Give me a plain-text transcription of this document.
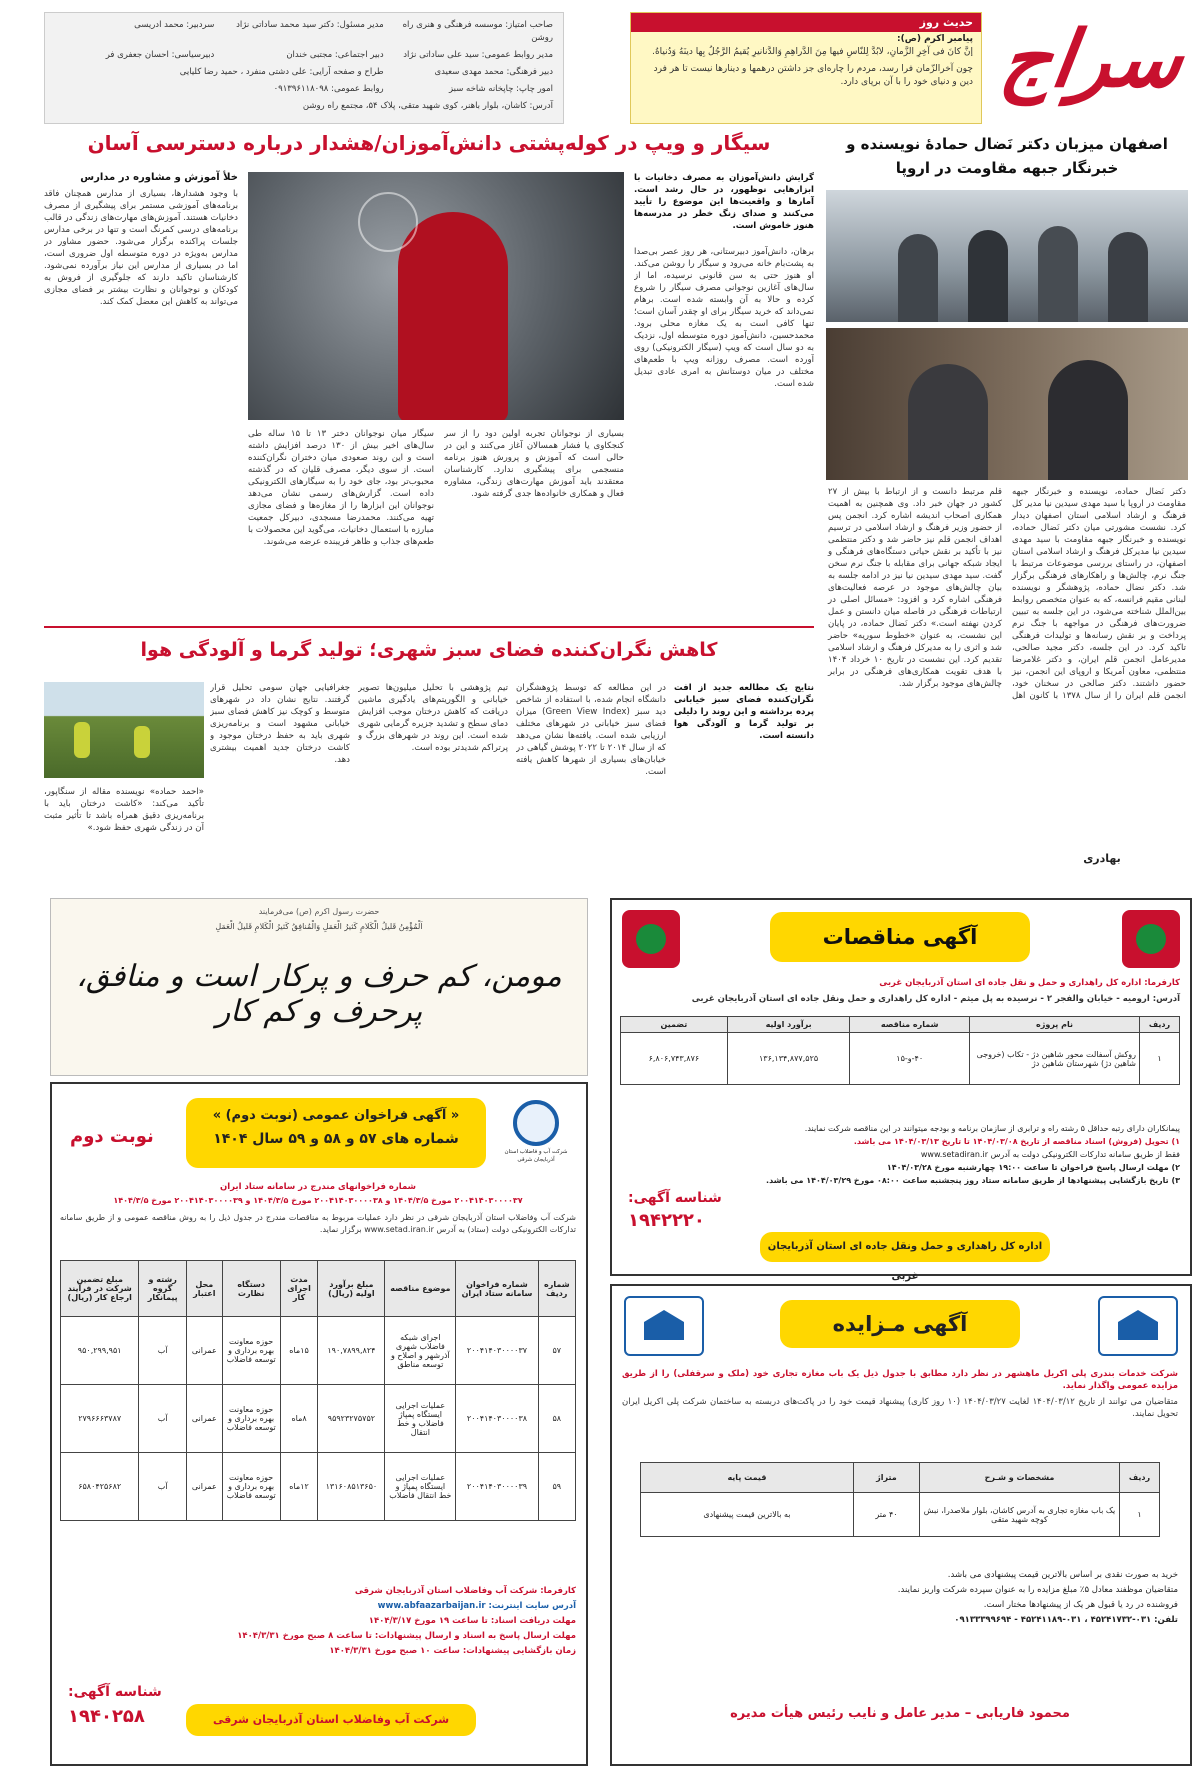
سراج
حدیث روز
پیامبر اکرم (ص):
إنَّ کانَ فی آخِرِ الزَّمانِ، لابُدَّ لِلنّاسِ فیها مِنَ الدَّراهِمِ وَالدَّنانیرِ یُقیمُ الرَّجُلُ بِها دینَهُ وَدُنیاهُ.
چون آخرالزّمان فرا رسد، مردم را چاره‌ای جز داشتن درهمها و دینارها نیست تا هر فرد دین و دنیای خود را با آن برپای دارد.
صاحب امتیاز: موسسه فرهنگی و هنری راه روشن
مدیر مسئول: دکتر سید محمد ساداتی نژاد
سردبیر: محمد ادریسی
مدیر روابط عمومی: سید علی ساداتی نژاد
دبیر اجتماعی: مجتبی خندان
دبیرسیاسی: احسان جعفری فر
دبیر فرهنگی: محمد مهدی سعیدی
طراح و صفحه آرایی: علی دشتی منفرد ، حمید رضا کلیایی
امور چاپ: چاپخانه شاخه سبز
روابط عمومی: ۰۹۱۳۹۶۱۱۸۰۹۸
آدرس: کاشان، بلوار باهنر، کوی شهید متقی، پلاک ۵۴، مجتمع راه روشن
اصفهان میزبان دکتر نَضال حمادهٔ نویسنده و خبرنگار جبهه مقاومت در اروپا
دکتر نَضال حماده، نویسنده و خبرنگار جبهه مقاومت در اروپا با سید مهدی سیدین نیا مدیر کل فرهنگ و ارشاد اسلامی استان اصفهان دیدار کرد. نشست مشورتی میان دکتر نَضال حماده، نویسنده و خبرنگار جبهه مقاومت با سید مهدی سیدین نیا مدیرکل فرهنگ و ارشاد اسلامی استان اصفهان، در راستای بررسی موضوعات مرتبط با جنگ نرم، چالش‌ها و راهکارهای فرهنگی برگزار شد. دکتر نضال حماده، پژوهشگر و نویسنده لبنانی مقیم فرانسه، که به عنوان متخصص روابط بین‌الملل شناخته می‌شود، در این جلسه به تبیین ضرورت‌های فرهنگی در مواجهه با جنگ نرم پرداخت و بر نقش رسانه‌ها و تولیدات فرهنگی تاکید کرد. در این جلسه، دکتر مجید صالحی، مدیرعامل انجمن قلم ایران، و دکتر غلامرضا منتظمی، معاون آمریکا و اروپای این انجمن، نیز حضور داشتند. دکتر صالحی در سخنان خود، انجمن قلم ایران را از سال ۱۳۷۸ با کانون اهل قلم مرتبط دانست و از ارتباط با بیش از ۲۷ کشور در جهان خبر داد. وی همچنین به اهمیت همکاری اصحاب اندیشه اشاره کرد. انجمن پس از حضور وزیر فرهنگ و ارشاد اسلامی در ترسیم اهداف انجمن قلم نیز حاضر شد و دکتر منتظمی نیز با تأکید بر نقش حیاتی دستگاه‌های فرهنگی و ایجاد شبکه جهانی برای مقابله با جنگ نرم سخن گفت. سید مهدی سیدین نیا نیز در ادامه جلسه به بیان چالش‌های موجود در عرصه فعالیت‌های فرهنگی اشاره کرد و افزود: «مسائل اصلی در ارتباطات فرهنگی در فاصله میان دانستن و عمل کردن نهفته است.» دکتر نَضال حماده، در پایان این نشست، به عنوان «خطوط سوریه» حاضر شد و اثری را به مدیرکل فرهنگ و ارشاد اسلامی تقدیم کرد. این نشست در تاریخ ۱۰ خرداد ۱۴۰۴ با هدف تقویت همکاری‌های فرهنگی در برابر چالش‌های موجود برگزار شد.
بهادری
سیگار و ویپ در کوله‌پشتی دانش‌آموزان/هشدار درباره دسترسی آسان
گرایش دانش‌آموزان به مصرف دخانیات با ابزارهایی نوظهور، در حال رشد است. آمارها و واقعیت‌ها این موضوع را تأیید می‌کنند و صدای زنگ خطر در مدرسه‌ها هنوز خاموش است.
برهان، دانش‌آموز دبیرستانی، هر روز عصر بی‌صدا به پشت‌بام خانه می‌رود و سیگار را روشن می‌کند. او هنوز حتی به سن قانونی نرسیده، اما از سال‌های آغازین نوجوانی مصرف سیگار را شروع کرده و حالا به آن وابسته شده است. برهام نمی‌داند که خرید سیگار برای او چقدر آسان است؛ تنها کافی است به یک مغازه محلی برود. محمدحسین، دانش‌آموز دوره متوسطه اول، نزدیک به دو سال است که ویپ (سیگار الکترونیکی) روی آورده است. مصرف روزانه ویپ با طعم‌های مختلف در میان دوستانش به امری عادی تبدیل شده است.
سیگار میان نوجوانان دختر ۱۳ تا ۱۵ ساله طی سال‌های اخیر بیش از ۱۳۰ درصد افزایش داشته است و این روند صعودی میان دختران نگران‌کننده است. از سوی دیگر، مصرف قلیان که در گذشته محبوب‌تر بود، جای خود را به سیگارهای الکترونیکی داده است. گزارش‌های رسمی نشان می‌دهد نوجوانان این ابزارها را از مغازه‌ها و فضای مجازی تهیه می‌کنند. محمدرضا مسجدی، دبیرکل جمعیت مبارزه با استعمال دخانیات، می‌گوید این محصولات با طعم‌های جذاب و ظاهر فریبنده عرضه می‌شوند.
بسیاری از نوجوانان تجربه اولین دود را از سر کنجکاوی یا فشار همسالان آغاز می‌کنند و این در حالی است که آموزش و پرورش هنوز برنامه منسجمی برای پیشگیری ندارد. کارشناسان معتقدند باید آموزش مهارت‌های زندگی، مشاوره فعال و همکاری خانواده‌ها جدی گرفته شود.
خلأ آموزش و مشاوره در مدارس
با وجود هشدارها، بسیاری از مدارس همچنان فاقد برنامه‌های آموزشی مستمر برای پیشگیری از مصرف دخانیات هستند. آموزش‌های مهارت‌های زندگی در قالب برنامه‌های درسی کمرنگ است و تنها در برخی مدارس جلسات پراکنده برگزار می‌شود. حضور مشاور در مدارس به‌ویژه در دوره متوسطه اول ضروری است، اما در بسیاری از مدارس این نیاز برآورده نمی‌شود. کارشناسان تاکید دارند که جلوگیری از فروش به کودکان و نوجوانان و نظارت بیشتر بر فضای مجازی می‌تواند به کاهش این معضل کمک کند.
کاهش نگران‌کننده فضای سبز شهری؛ تولید گرما و آلودگی هوا
نتایج یک مطالعه جدید از افت نگران‌کننده فضای سبز خیابانی پرده برداشته و این روند را دلیلی بر تولید گرما و آلودگی هوا دانسته است.
در این مطالعه که توسط پژوهشگران دانشگاه انجام شده، با استفاده از شاخص دید سبز (Green View Index) میزان فضای سبز خیابانی در شهرهای مختلف ارزیابی شده است. یافته‌ها نشان می‌دهد که از سال ۲۰۱۴ تا ۲۰۲۲ پوشش گیاهی در خیابان‌های بسیاری از شهرها کاهش یافته است.
تیم پژوهشی با تحلیل میلیون‌ها تصویر خیابانی و الگوریتم‌های یادگیری ماشین دریافت که کاهش درختان موجب افزایش دمای سطح و تشدید جزیره گرمایی شهری شده است. این روند در شهرهای بزرگ و پرتراکم شدیدتر بوده است.
جغرافیایی جهان سومی تحلیل قرار گرفتند. نتایج نشان داد در شهرهای متوسط و کوچک نیز کاهش فضای سبز خیابانی مشهود است و برنامه‌ریزی شهری باید به حفظ درختان موجود و کاشت درختان جدید اهمیت بیشتری دهد.
«احمد حماده» نویسنده مقاله از سنگاپور، تأکید می‌کند: «کاشت درختان باید با برنامه‌ریزی دقیق همراه باشد تا تأثیر مثبت آن در زندگی شهری حفظ شود.»
حضرت رسول اکرم (ص) می‌فرمایند
اَلْمُؤْمِنُ قَلیلُ الْکَلامِ کَثیرُ الْعَمَلِ وَالْمُنافِقُ کَثیرُ الْکَلامِ قَلیلُ الْعَمَلِ
مومن، کم حرف و پرکار است و منافق، پرحرف و کم کار
آگهی مناقصات
کارفرما: اداره کل راهداری و حمل و نقل جاده ای استان آذربایجان غربی
آدرس: ارومیه - خیابان والفجر ۲ - نرسیده به پل میثم - اداره کل راهداری و حمل ونقل جاده ای استان آذربایجان غربی
ردیف	نام پروژه	شماره مناقصه	برآورد اولیه	تضمین
۱	روکش آسفالت محور شاهین دژ - تکاب (خروجی شاهین دژ) شهرستان شاهین دژ	۴۰-و-۱۵	۱۳۶,۱۳۴,۸۷۷,۵۲۵	۶,۸۰۶,۷۴۳,۸۷۶
پیمانکاران دارای رتبه حداقل ۵ رشته راه و ترابری از سازمان برنامه و بودجه میتوانند در این مناقصه شرکت نمایند.
۱) تحویل (فروش) اسناد مناقصه از تاریخ ۱۴۰۴/۰۳/۰۸ تا تاریخ ۱۴۰۴/۰۳/۱۳ می باشد.
فقط از طریق سامانه تدارکات الکترونیکی دولت به آدرس www.setadiran.ir
۲) مهلت ارسال پاسخ فراخوان تا ساعت ۱۹:۰۰ چهارشنبه مورخ ۱۴۰۴/۰۳/۲۸
۳) تاریخ بازگشایی پیشنهادها از طریق سامانه ستاد روز پنجشنبه ساعت ۰۸:۰۰ مورخ ۱۴۰۴/۰۳/۲۹ می باشد.
شناسه آگهی:
۱۹۴۲۲۲۰
اداره کل راهداری و حمل ونقل جاده ای استان آذربایجان غربی
« آگهی فراخوان عمومی (نوبت دوم) »
شماره های ۵۷ و ۵۸ و ۵۹ سال ۱۴۰۴
شرکت آب و فاضلاب استان آذربایجان شرقی
نوبت دوم
شماره فراخوانهای مندرج در سامانه ستاد ایران
۲۰۰۴۱۴۰۳۰۰۰۰۳۷ مورخ ۱۴۰۴/۳/۵ و ۲۰۰۴۱۴۰۳۰۰۰۰۳۸ مورخ ۱۴۰۴/۳/۵ و ۲۰۰۴۱۴۰۳۰۰۰۰۳۹ مورخ ۱۴۰۴/۳/۵
شرکت آب وفاضلاب استان آذربایجان شرقی در نظر دارد عملیات مربوط به مناقصات مندرج در جدول ذیل را به روش مناقصه عمومی و از طریق سامانه تدارکات الکترونیکی دولت (ستاد) به آدرس www.setad.iran.ir برگزار نماید.
شماره ردیف	شماره فراخوان سامانه ستاد ایران	موضوع مناقصه	مبلغ برآورد اولیه (ریال)	مدت اجرای کار	دستگاه نظارت	محل اعتبار	رشته و گروه پیمانکار	مبلغ تضمین شرکت در فرآیند ارجاع کار (ریال)
۵۷	۲۰۰۴۱۴۰۳۰۰۰۰۳۷	اجرای شبکه فاضلاب شهری آذرشهر و اصلاح و توسعه مناطق	۱۹۰,۷۸۹۹,۸۲۴	۱۵ماه	حوزه معاونت بهره برداری و توسعه فاضلاب	عمرانی	آب	۹۵۰,۲۹۹,۹۵۱
۵۸	۲۰۰۴۱۴۰۳۰۰۰۰۳۸	عملیات اجرایی ایستگاه پمپاژ فاضلاب و خط انتقال	۹۵۹۲۳۲۷۵۷۵۲	۸ماه	حوزه معاونت بهره برداری و توسعه فاضلاب	عمرانی	آب	۲۷۹۶۶۶۳۷۸۷
۵۹	۲۰۰۴۱۴۰۳۰۰۰۰۳۹	عملیات اجرایی ایستگاه پمپاژ و خط انتقال فاضلاب	۱۳۱۶۰۸۵۱۳۶۵۰	۱۲ماه	حوزه معاونت بهره برداری و توسعه فاضلاب	عمرانی	آب	۶۵۸۰۴۲۵۶۸۲
کارفرما: شرکت آب وفاضلاب استان آذربایجان شرقی
آدرس سایت اینترنت: www.abfaazarbaijan.ir
مهلت دریافت اسناد: تا ساعت ۱۹ مورخ ۱۴۰۴/۳/۱۷
مهلت ارسال پاسخ به اسناد و ارسال پیشنهادات: تا ساعت ۸ صبح مورخ ۱۴۰۴/۳/۳۱
زمان بازگشایی پیشنهادات: ساعت ۱۰ صبح مورخ ۱۴۰۴/۳/۳۱
شناسه آگهی:
۱۹۴۰۲۵۸	شرکت آب وفاضلاب استان آذربایجان شرقی
آگهی مـزایده
شرکت خدمات بندری پلی اکریل ماهشهر در نظر دارد مطابق با جدول ذیل یک باب مغازه تجاری خود (ملک و سرقفلی) را از طریق مزایده عمومی واگذار نماید.
متقاضیان می توانند از تاریخ ۱۴۰۴/۰۳/۱۲ لغایت ۱۴۰۴/۰۳/۲۷ (۱۰ روز کاری) پیشنهاد قیمت خود را در پاکت‌های دربسته به ساختمان شرکت پلی اکریل ایران تحویل نمایند.
ردیف	مشخصات و شـرح	متراژ	قیمت پایه
۱	یک باب مغازه تجاری به آدرس کاشان، بلوار ملاصدرا، نبش کوچه شهید متقی	۴۰ متر	به بالاترین قیمت پیشنهادی
خرید به صورت نقدی بر اساس بالاترین قیمت پیشنهادی می باشد.
متقاضیان موظفند معادل ۵٪ مبلغ مزایده را به عنوان سپرده شرکت واریز نمایند.
فروشنده در رد یا قبول هر یک از پیشنهادها مختار است.
تلفن: ۰۳۱-۴۵۲۴۱۷۳۲ ، ۰۳۱-۴۵۲۴۱۱۸۹ - ۰۹۱۳۳۳۹۹۶۹۴
محمود فاریابی – مدیر عامل و نایب رئیس هیأت مدیره
